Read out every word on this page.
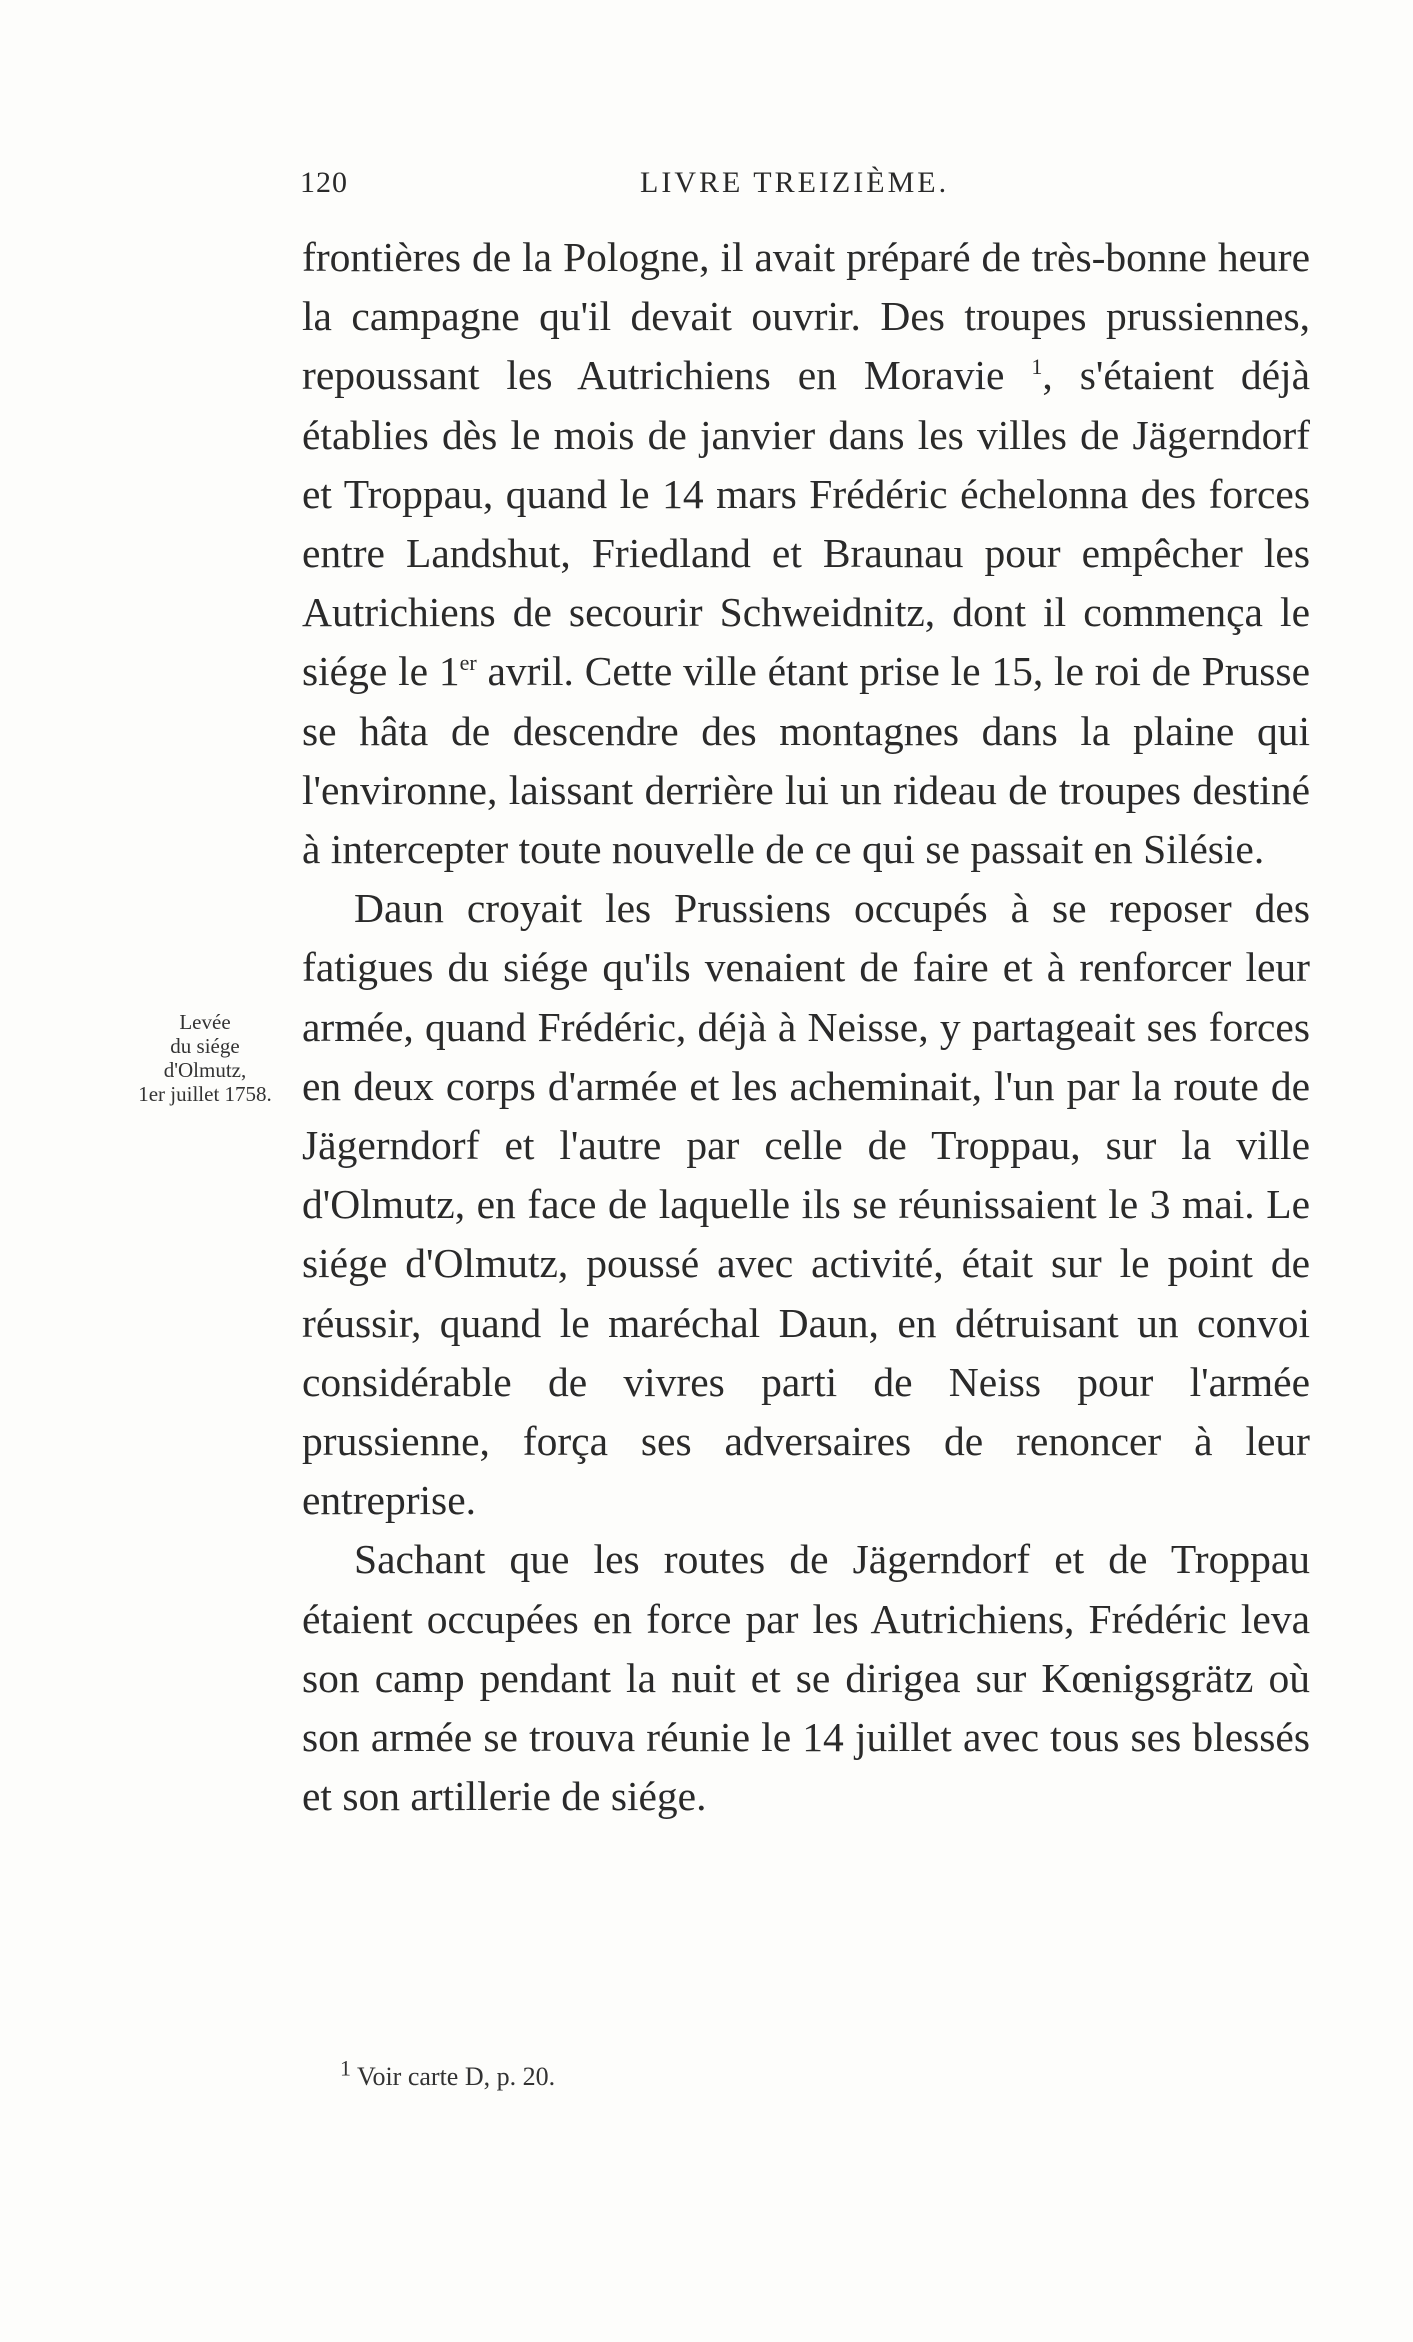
120	LIVRE TREIZIÈME.
Levée
du siége
d'Olmutz,
1er juillet 1758.

frontières de la Pologne, il avait préparé de très-bonne heure la campagne qu'il devait ouvrir. Des troupes prussiennes, repoussant les Autrichiens en Moravie $^1$, s'étaient déjà établies dès le mois de janvier dans les villes de Jägerndorf et Troppau, quand le 14 mars Frédéric échelonna des forces entre Landshut, Friedland et Braunau pour empêcher les Autrichiens de secourir Schweidnitz, dont il commença le siége le 1er avril. Cette ville étant prise le 15, le roi de Prusse se hâta de descendre des montagnes dans la plaine qui l'environne, laissant derrière lui un rideau de troupes destiné à intercepter toute nouvelle de ce qui se passait en Silésie.

Daun croyait les Prussiens occupés à se reposer des fatigues du siége qu'ils venaient de faire et à renforcer leur armée, quand Frédéric, déjà à Neisse, y partageait ses forces en deux corps d'armée et les acheminait, l'un par la route de Jägerndorf et l'autre par celle de Troppau, sur la ville d'Olmutz, en face de laquelle ils se réunissaient le 3 mai. Le siége d'Olmutz, poussé avec activité, était sur le point de réussir, quand le maréchal Daun, en détruisant un convoi considérable de vivres parti de Neiss pour l'armée prussienne, força ses adversaires de renoncer à leur entreprise.

Sachant que les routes de Jägerndorf et de Troppau étaient occupées en force par les Autrichiens, Frédéric leva son camp pendant la nuit et se dirigea sur Kœnigsgrätz où son armée se trouva réunie le 14 juillet avec tous ses blessés et son artillerie de siége.

$^1$ Voir carte D, p. 20.
